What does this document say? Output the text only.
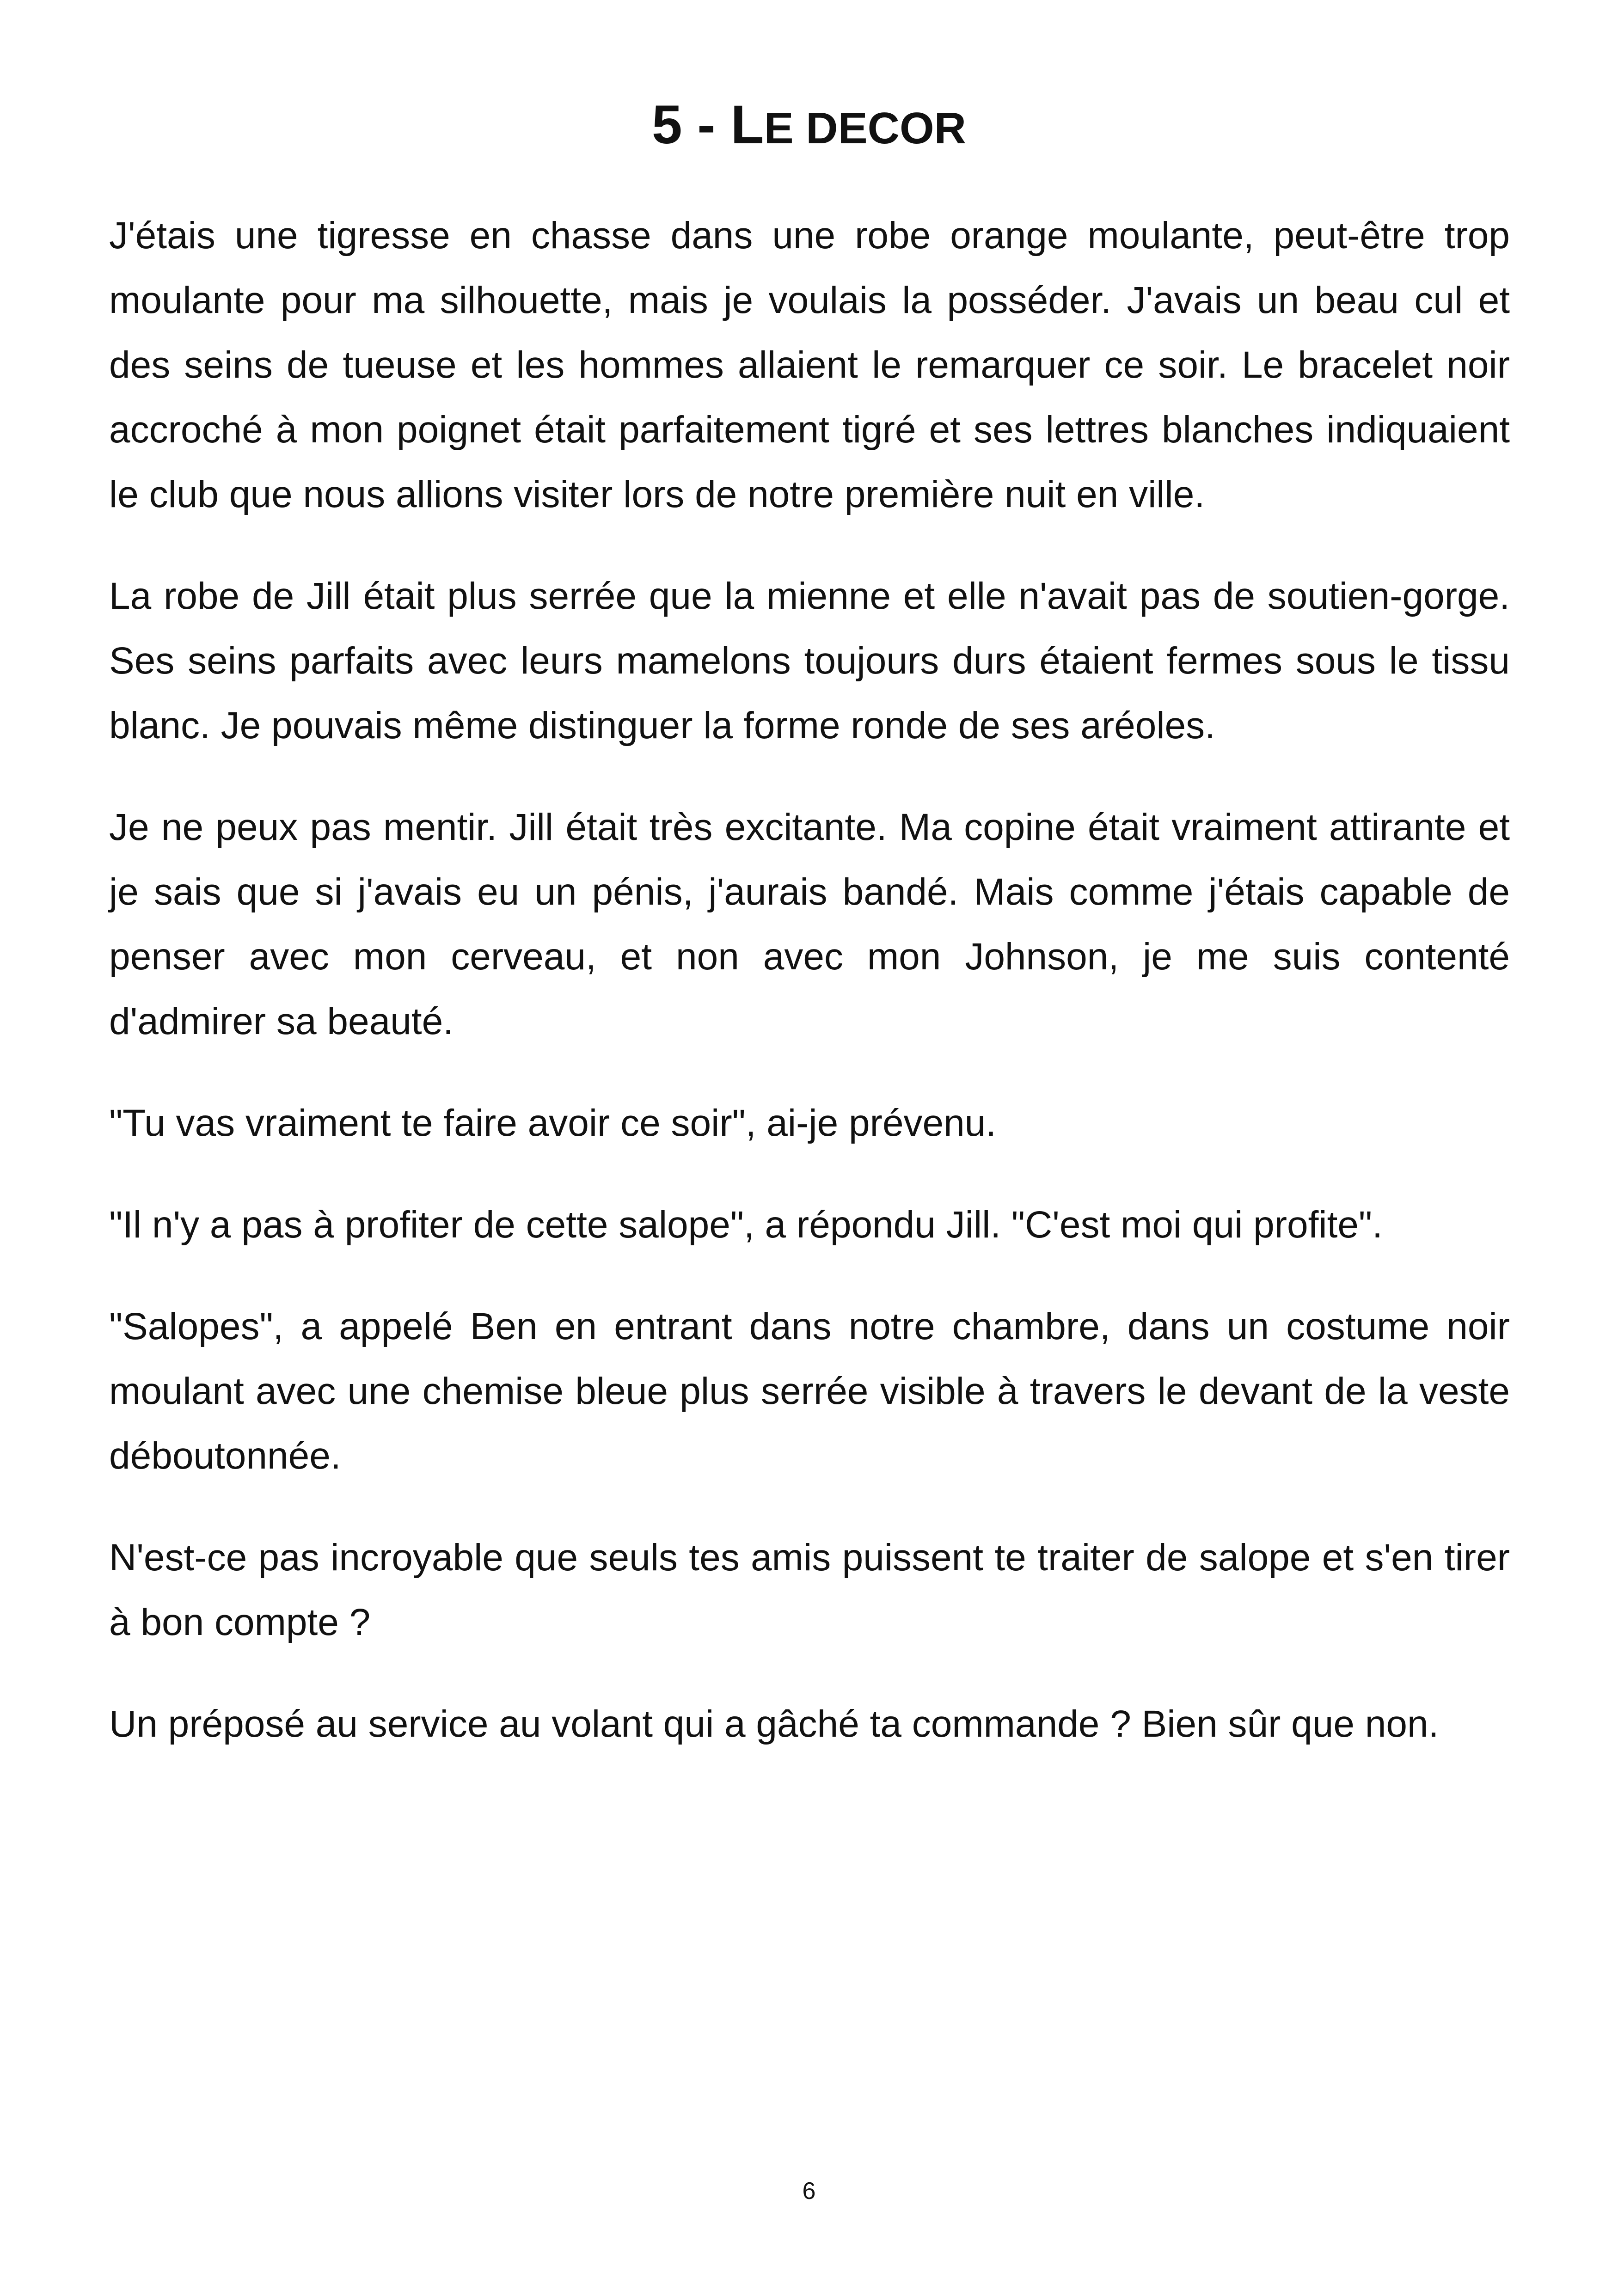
5 - LE DECOR

J'étais une tigresse en chasse dans une robe orange moulante, peut-être trop moulante pour ma silhouette, mais je voulais la posséder. J'avais un beau cul et des seins de tueuse et les hommes allaient le remarquer ce soir. Le bracelet noir accroché à mon poignet était parfaitement tigré et ses lettres blanches indiquaient le club que nous allions visiter lors de notre première nuit en ville.

La robe de Jill était plus serrée que la mienne et elle n'avait pas de soutien-gorge. Ses seins parfaits avec leurs mamelons toujours durs étaient fermes sous le tissu blanc. Je pouvais même distinguer la forme ronde de ses aréoles.

Je ne peux pas mentir. Jill était très excitante. Ma copine était vraiment attirante et je sais que si j'avais eu un pénis, j'aurais bandé. Mais comme j'étais capable de penser avec mon cerveau, et non avec mon Johnson, je me suis contenté d'admirer sa beauté.

"Tu vas vraiment te faire avoir ce soir", ai-je prévenu.

"Il n'y a pas à profiter de cette salope", a répondu Jill. "C'est moi qui profite".

"Salopes", a appelé Ben en entrant dans notre chambre, dans un costume noir moulant avec une chemise bleue plus serrée visible à travers le devant de la veste déboutonnée.

N'est-ce pas incroyable que seuls tes amis puissent te traiter de salope et s'en tirer à bon compte ?

Un préposé au service au volant qui a gâché ta commande ? Bien sûr que non.

6
